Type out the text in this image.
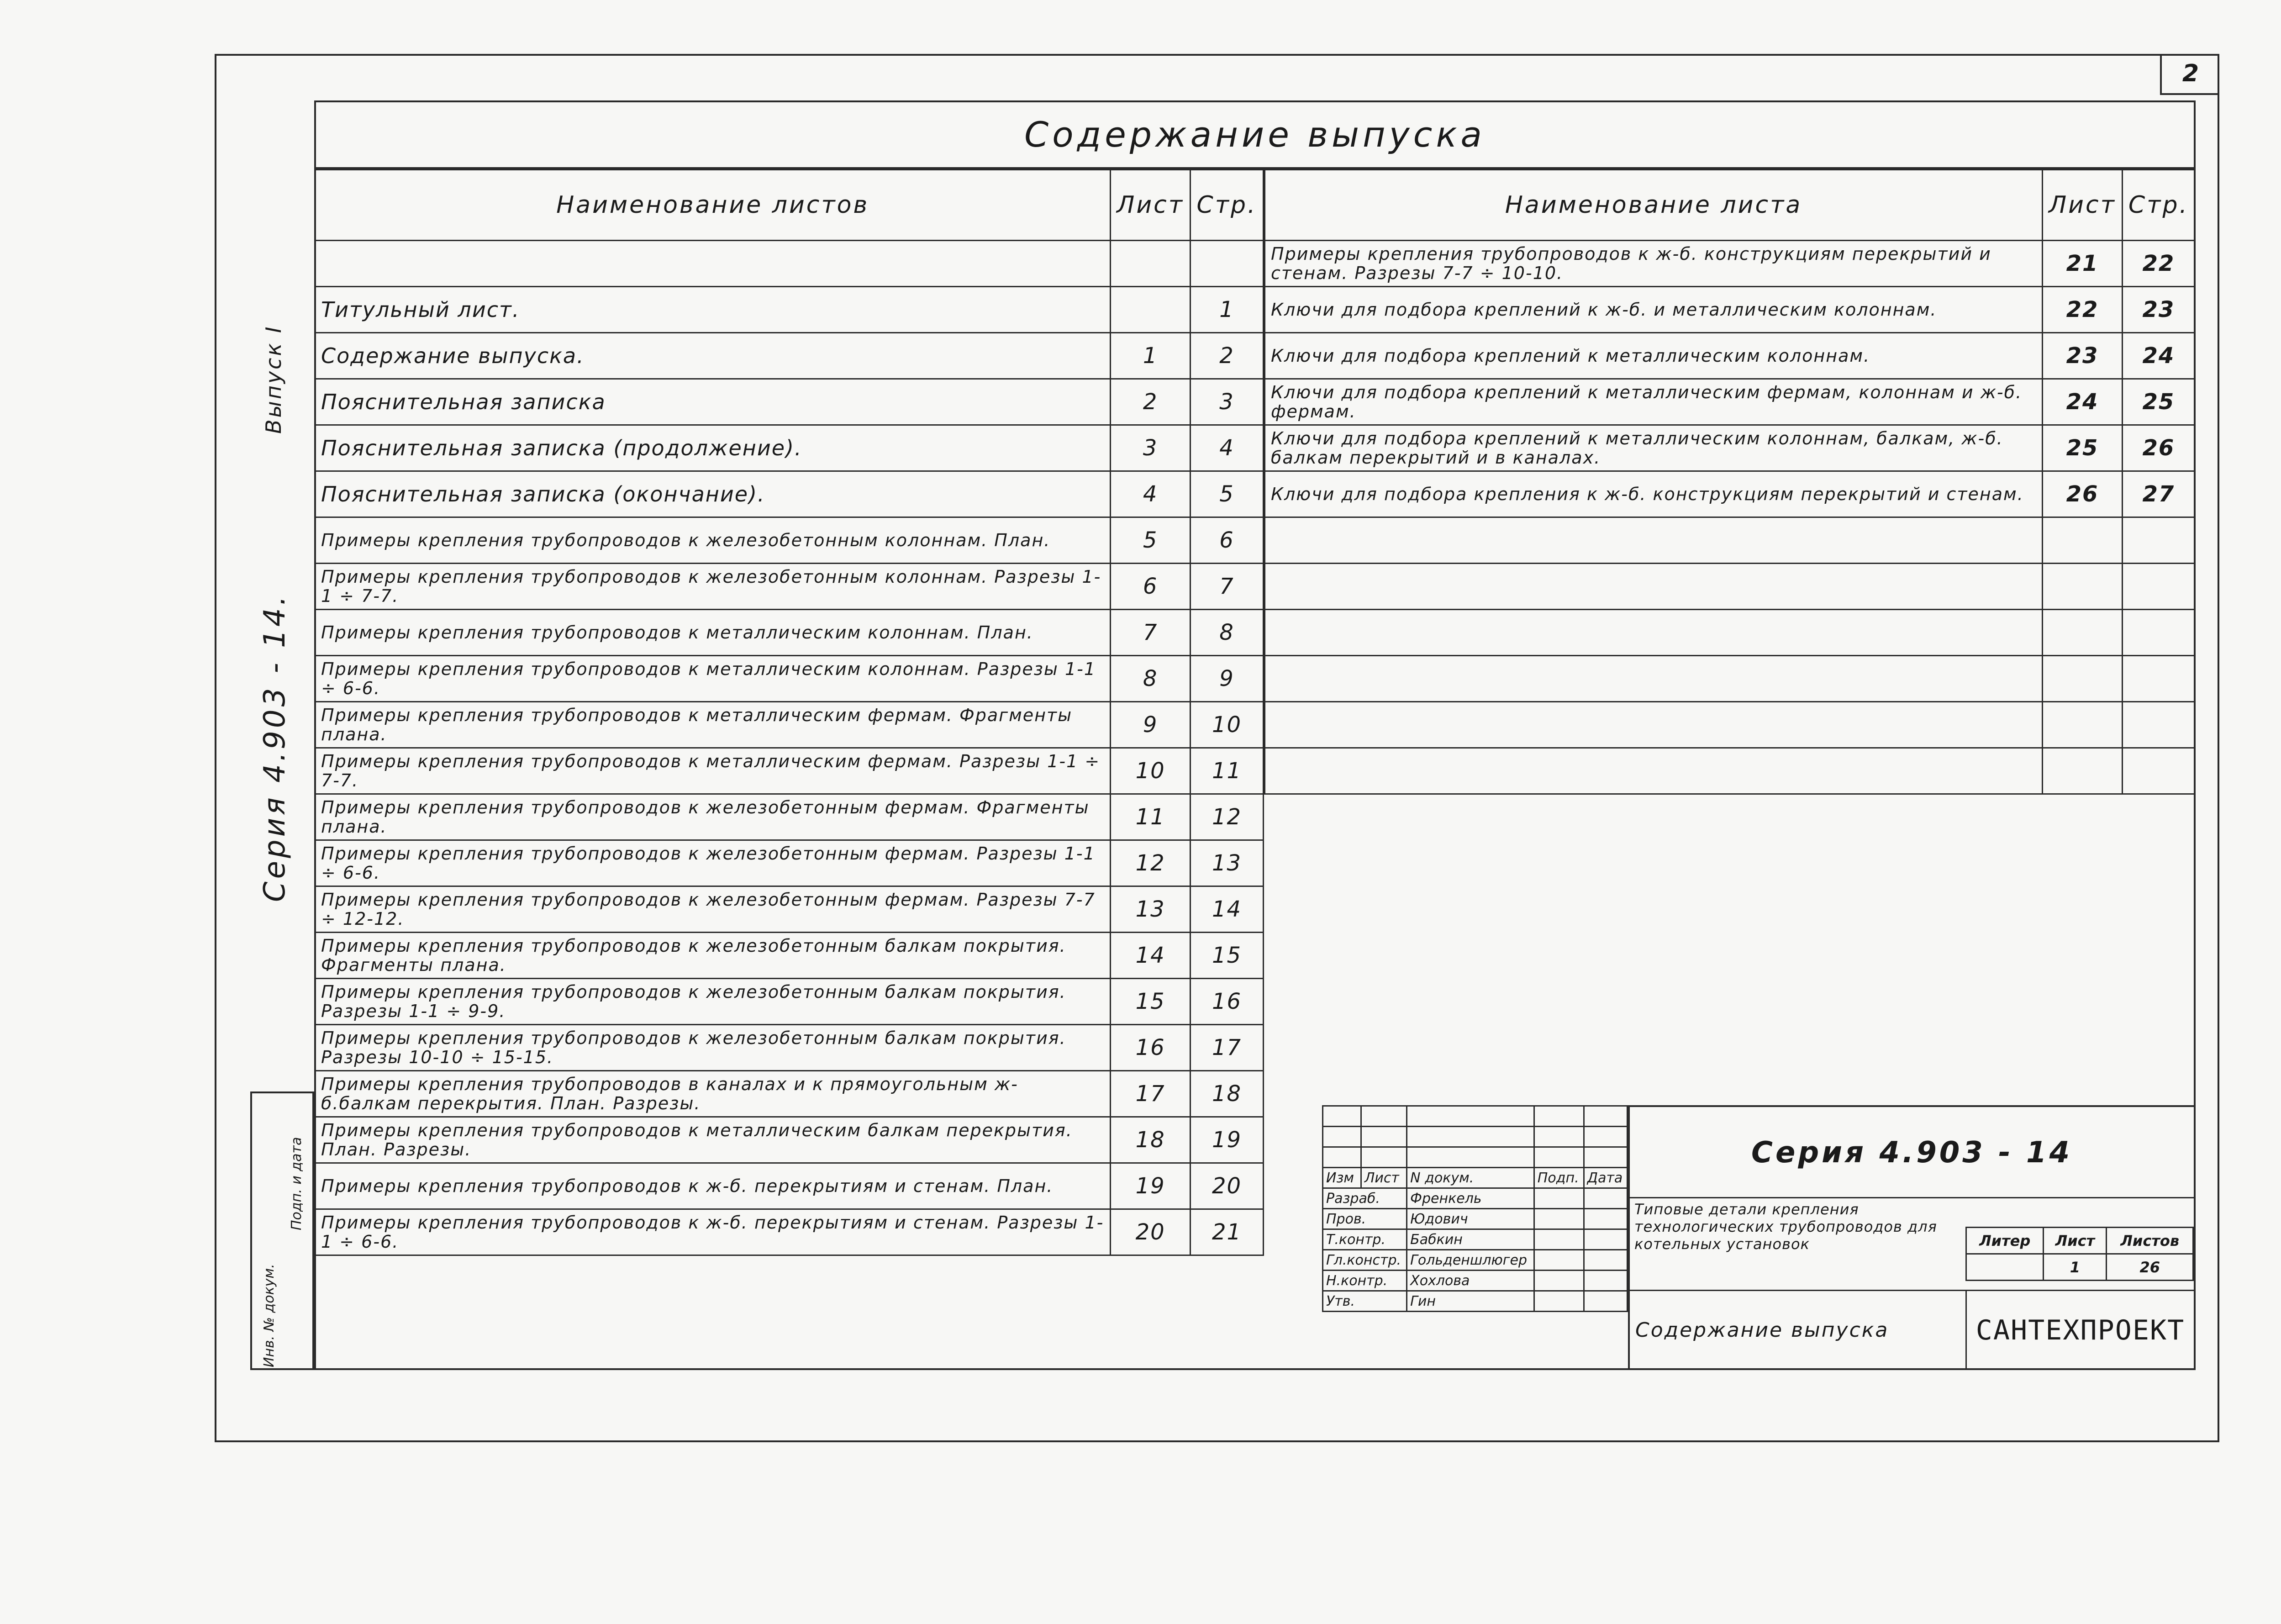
2
Выпуск I
Серия 4.903 - 14.
Инв. № докум.
Подп. и дата
Содержание выпуска
Наименование листов	Лист	Стр.

Титульный лист.		1
Содержание выпуска.	1	2
Пояснительная записка	2	3
Пояснительная записка (продолжение).	3	4
Пояснительная записка (окончание).	4	5
Примеры крепления трубопроводов к железобетонным колоннам. План.	5	6
Примеры крепления трубопроводов к железобетонным колоннам. Разрезы 1-1 ÷ 7-7.	6	7
Примеры крепления трубопроводов к металлическим колоннам. План.	7	8
Примеры крепления трубопроводов к металлическим колоннам. Разрезы 1-1 ÷ 6-6.	8	9
Примеры крепления трубопроводов к металлическим фермам. Фрагменты плана.	9	10
Примеры крепления трубопроводов к металлическим фермам. Разрезы 1-1 ÷ 7-7.	10	11
Примеры крепления трубопроводов к железобетонным фермам. Фрагменты плана.	11	12
Примеры крепления трубопроводов к железобетонным фермам. Разрезы 1-1 ÷ 6-6.	12	13
Примеры крепления трубопроводов к железобетонным фермам. Разрезы 7-7 ÷ 12-12.	13	14
Примеры крепления трубопроводов к железобетонным балкам покрытия. Фрагменты плана.	14	15
Примеры крепления трубопроводов к железобетонным балкам покрытия. Разрезы 1-1 ÷ 9-9.	15	16
Примеры крепления трубопроводов к железобетонным балкам покрытия. Разрезы 10-10 ÷ 15-15.	16	17
Примеры крепления трубопроводов в каналах и к прямоугольным ж-б.балкам перекрытия. План. Разрезы.	17	18
Примеры крепления трубопроводов к металлическим балкам перекрытия. План. Разрезы.	18	19
Примеры крепления трубопроводов к ж-б. перекрытиям и стенам. План.	19	20
Примеры крепления трубопроводов к ж-б. перекрытиям и стенам. Разрезы 1-1 ÷ 6-6.	20	21
Наименование листа	Лист	Стр.
Примеры крепления трубопроводов к ж-б. конструкциям перекрытий и стенам. Разрезы 7-7 ÷ 10-10.	21	22
Ключи для подбора креплений к ж-б. и металлическим колоннам.	22	23
Ключи для подбора креплений к металлическим колоннам.	23	24
Ключи для подбора креплений к металлическим фермам, колоннам и ж-б. фермам.	24	25
Ключи для подбора креплений к металлическим колоннам, балкам, ж-б. балкам перекрытий и в каналах.	25	26
Ключи для подбора крепления к ж-б. конструкциям перекрытий и стенам.	26	27

Изм	Лист	N докум.	Подп.	Дата
Разраб.		Френкель		
Пров.		Юдович		
Т.контр.		Бабкин		
Гл.констр.		Гольденшлюгер		
Н.контр.		Хохлова		
Утв.		Гин		
Серия 4.903 - 14
Типовые детали крепления технологических трубопроводов для котельных установок	Литер	Лист	Листов
	1	26
Содержание выпуска	САНТЕХПРОЕКТ
